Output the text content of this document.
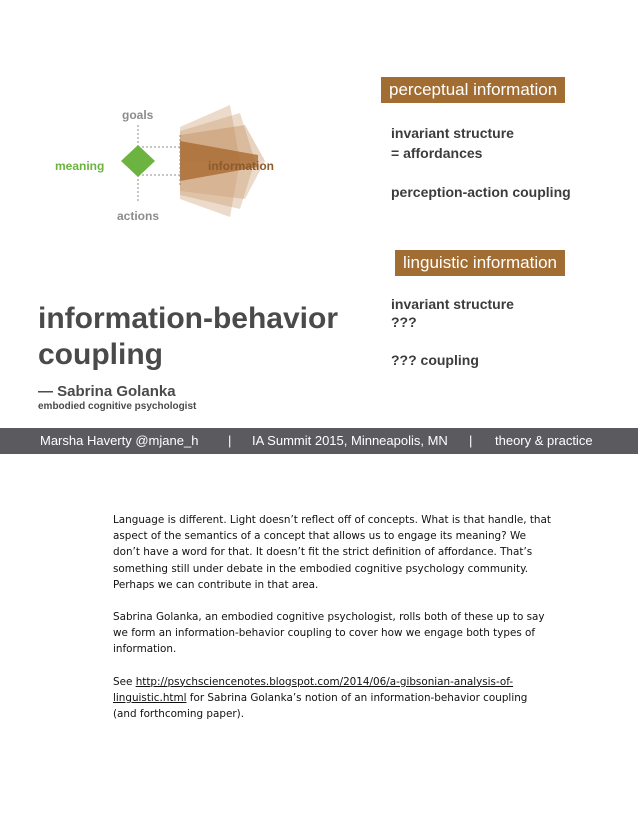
goals
meaning	information
actions
perceptual information
invariant structure
= affordances
perception-action coupling
linguistic information
invariant structure
???
??? coupling
information-behavior
coupling
— Sabrina Golanka
embodied cognitive psychologist
Marsha Haverty @mjane_h | IA Summit 2015, Minneapolis, MN | theory & practice

Language is different. Light doesn’t reflect off of concepts. What is that handle, that aspect of the semantics of a concept that allows us to engage its meaning? We don’t have a word for that. It doesn’t fit the strict definition of affordance. That’s something still under debate in the embodied cognitive psychology community. Perhaps we can contribute in that area.

Sabrina Golanka, an embodied cognitive psychologist, rolls both of these up to say we form an information-behavior coupling to cover how we engage both types of information.

See http://psychsciencenotes.blogspot.com/2014/06/a-gibsonian-analysis-of-linguistic.html for Sabrina Golanka’s notion of an information-behavior coupling (and forthcoming paper).
